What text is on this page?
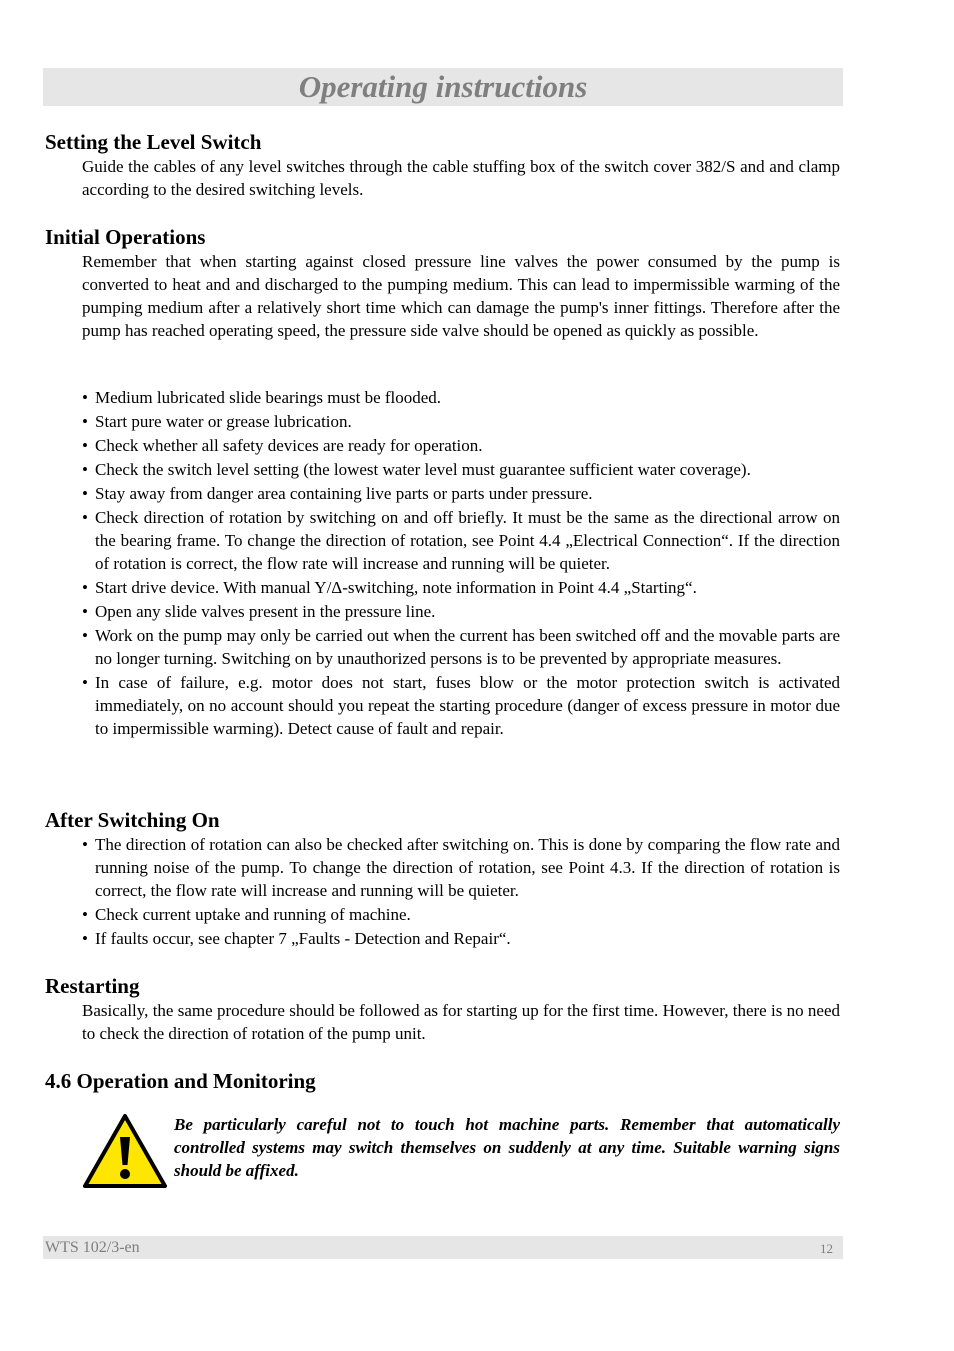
Operating instructions
Setting the Level Switch

Guide the cables of any level switches through the cable stuffing box of the switch cover 382/S and and clamp according to the desired switching levels.

Initial Operations

Remember that when starting against closed pressure line valves the power consumed by the pump is converted to heat and and discharged to the pumping medium. This can lead to impermissible warming of the pumping medium after a relatively short time which can damage the pump's inner fittings. Therefore after the pump has reached operating speed, the pressure side valve should be opened as quickly as possible.

• Medium lubricated slide bearings must be flooded.
• Start pure water or grease lubrication.
• Check whether all safety devices are ready for operation.
• Check the switch level setting (the lowest water level must guarantee sufficient water coverage).
• Stay away from danger area containing live parts or parts under pressure.
• Check direction of rotation by switching on and off briefly. It must be the same as the directional arrow on the bearing frame. To change the direction of rotation, see Point 4.4 „Electrical Connection“. If the direction of rotation is correct, the flow rate will increase and running will be quieter.
• Start drive device. With manual Y/Δ-switching, note information in Point 4.4 „Starting“.
• Open any slide valves present in the pressure line.
• Work on the pump may only be carried out when the current has been switched off and the movable parts are no longer turning. Switching on by unauthorized persons is to be prevented by appropriate measures.
• In case of failure, e.g. motor does not start, fuses blow or the motor protection switch is activated immediately, on no account should you repeat the starting procedure (danger of excess pressure in motor due to impermissible warming). Detect cause of fault and repair.
After Switching On
• The direction of rotation can also be checked after switching on. This is done by comparing the flow rate and running noise of the pump. To change the direction of rotation, see Point 4.3. If the direction of rotation is correct, the flow rate will increase and running will be quieter.
• Check current uptake and running of machine.
• If faults occur, see chapter 7 „Faults - Detection and Repair“.
Restarting

Basically, the same procedure should be followed as for starting up for the first time. However, there is no need to check the direction of rotation of the pump unit.

4.6 Operation and Monitoring

Be particularly careful not to touch hot machine parts. Remember that automatically controlled systems may switch themselves on suddenly at any time. Suitable warning signs should be affixed.

WTS 102/3-en	12
